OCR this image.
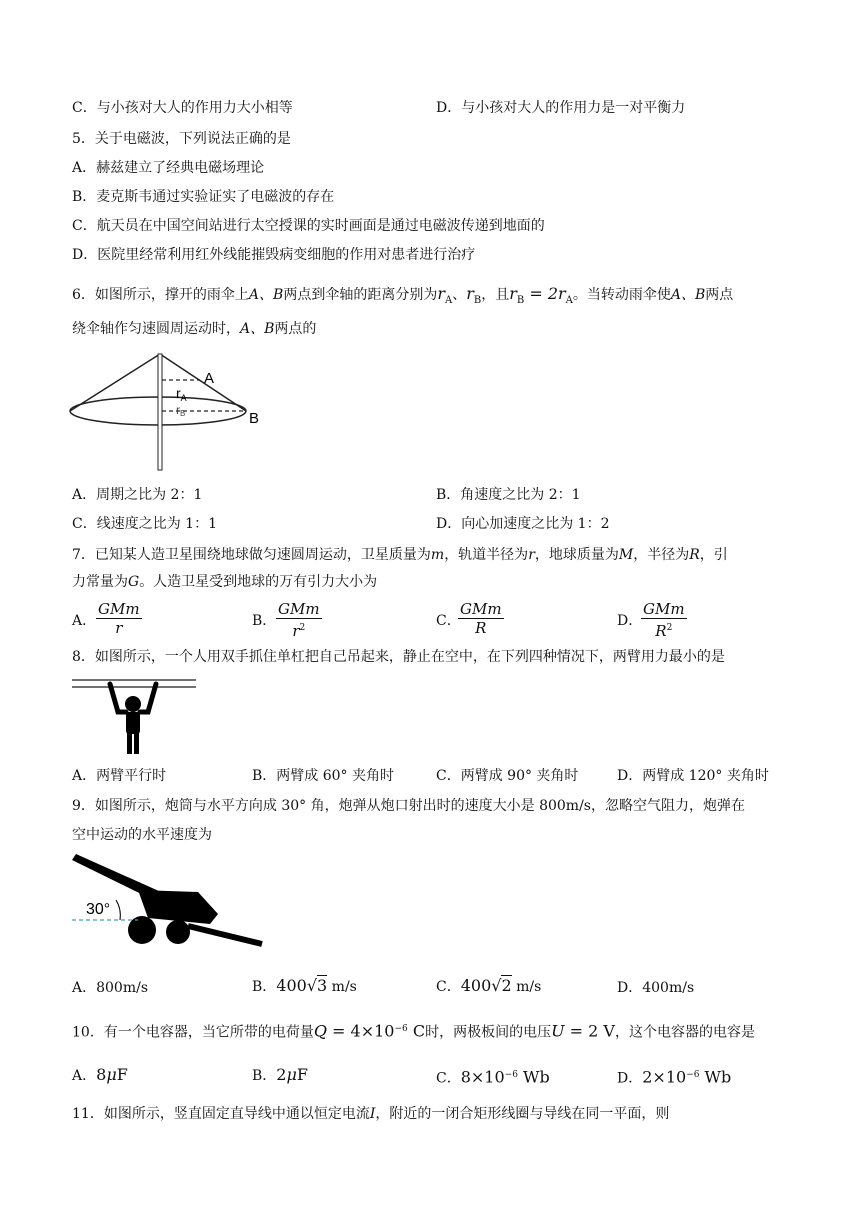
C．与小孩对大人的作用力大小相等	D．与小孩对大人的作用力是一对平衡力
5．关于电磁波，下列说法正确的是
A．赫兹建立了经典电磁场理论
B．麦克斯韦通过实验证实了电磁波的存在
C．航天员在中国空间站进行太空授课的实时画面是通过电磁波传递到地面的
D．医院里经常利用红外线能摧毁病变细胞的作用对患者进行治疗
6．如图所示，撑开的雨伞上A、B两点到伞轴的距离分别为$r_A$、$r_B$，且$r_B = 2r_A$。当转动雨伞使A、B两点
绕伞轴作匀速圆周运动时，A、B两点的
A
B
$r_A$
rB
A．周期之比为 2：1	B．角速度之比为 2：1
C．线速度之比为 1：1	D．向心加速度之比为 1：2
7．已知某人造卫星围绕地球做匀速圆周运动，卫星质量为m，轨道半径为r，地球质量为M，半径为R，引
力常量为G。人造卫星受到地球的万有引力大小为
A．
GMm
r	B．
GMm
$r^2$	C．
GMm
R	D．
GMm
$R^2$
8．如图所示，一个人用双手抓住单杠把自己吊起来，静止在空中，在下列四种情况下，两臂用力最小的是
A．两臂平行时	B．两臂成 60° 夹角时	C．两臂成 90° 夹角时	D．两臂成 120° 夹角时
9．如图所示，炮筒与水平方向成 30° 角，炮弹从炮口射出时的速度大小是 800m/s，忽略空气阻力，炮弹在
空中运动的水平速度为
30°
A．800m/s	B．400√3 m/s	C．400√2 m/s	D．400m/s
10．有一个电容器，当它所带的电荷量$Q = 4\times 10^{-6}$ C时，两极板间的电压U = 2 V，这个电容器的电容是
A．8μF	B．2μF	C．$8\times 10^{-6}$ Wb	D．$2\times 10^{-6}$ Wb
11．如图所示，竖直固定直导线中通以恒定电流I，附近的一闭合矩形线圈与导线在同一平面，则
